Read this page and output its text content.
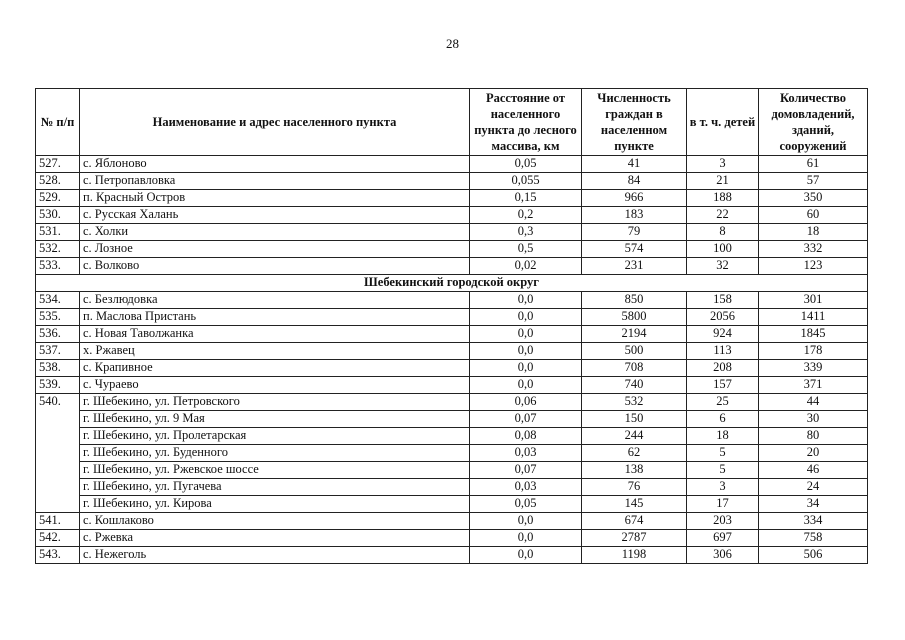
28
№ п/п	Наименование и адрес населенного пункта	Расстояние от населенного пункта до лесного массива, км	Численность граждан в населенном пункте	в т. ч. детей	Количество домовладений, зданий, сооружений
527.	с. Яблоново	0,05	41	3	61
528.	с. Петропавловка	0,055	84	21	57
529.	п. Красный Остров	0,15	966	188	350
530.	с. Русская Халань	0,2	183	22	60
531.	с. Холки	0,3	79	8	18
532.	с. Лозное	0,5	574	100	332
533.	с. Волково	0,02	231	32	123
Шебекинский городской округ					
534.	с. Безлюдовка	0,0	850	158	301
535.	п. Маслова Пристань	0,0	5800	2056	1411
536.	с. Новая Таволжанка	0,0	2194	924	1845
537.	х. Ржавец	0,0	500	113	178
538.	с. Крапивное	0,0	708	208	339
539.	с. Чураево	0,0	740	157	371
540.	г. Шебекино, ул. Петровского	0,06	532	25	44
	г. Шебекино, ул. 9 Мая	0,07	150	6	30
	г. Шебекино, ул. Пролетарская	0,08	244	18	80
	г. Шебекино, ул. Буденного	0,03	62	5	20
	г. Шебекино, ул. Ржевское шоссе	0,07	138	5	46
	г. Шебекино, ул. Пугачева	0,03	76	3	24
	г. Шебекино, ул. Кирова	0,05	145	17	34
541.	с. Кошлаково	0,0	674	203	334
542.	с. Ржевка	0,0	2787	697	758
543.	с. Нежеголь	0,0	1198	306	506
